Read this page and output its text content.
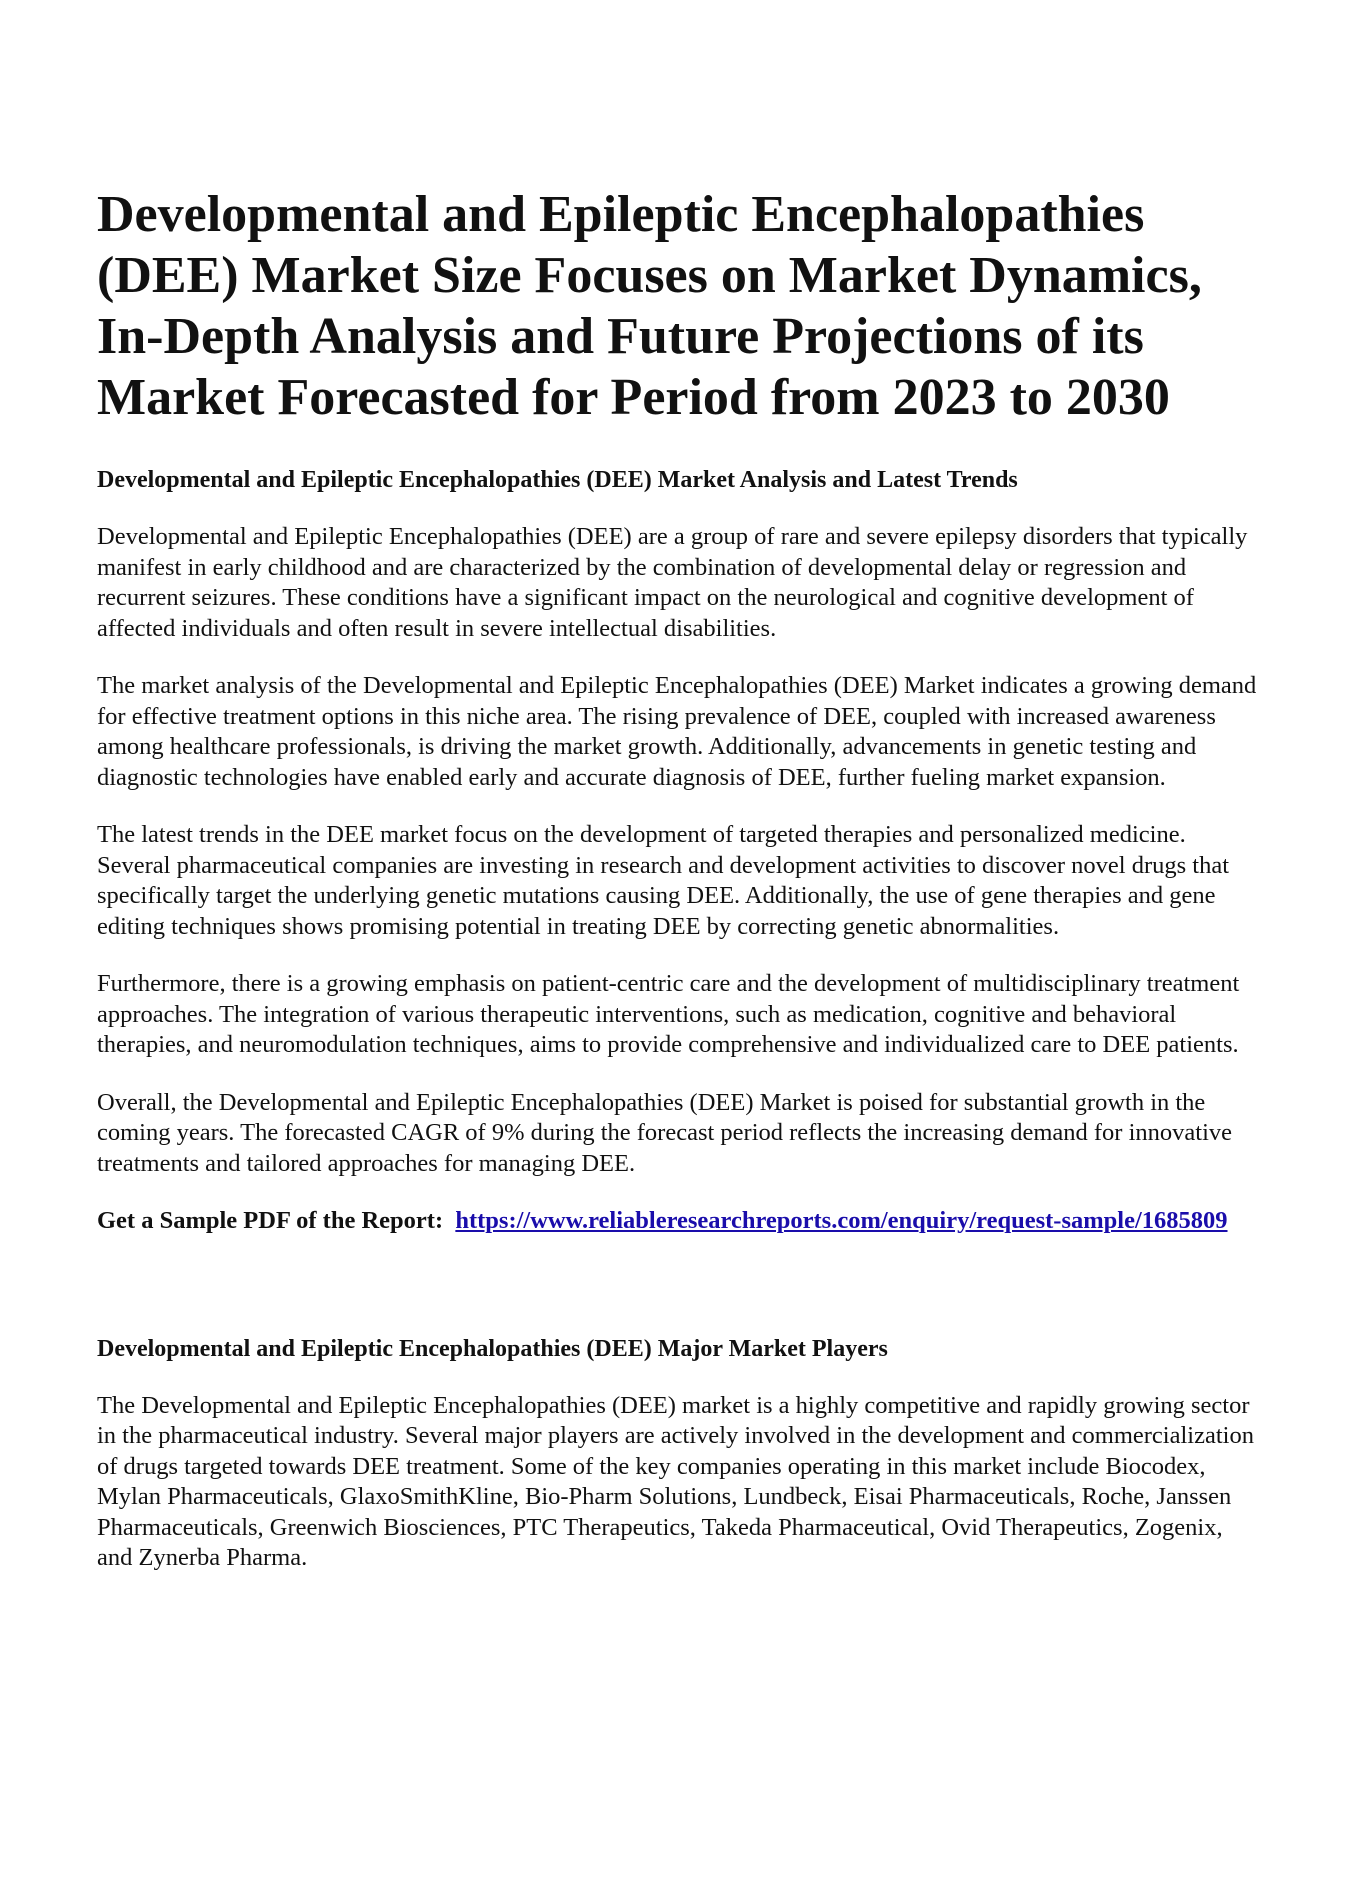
Developmental and Epileptic Encephalopathies (DEE) Market Size Focuses on Market Dynamics, In-Depth Analysis and Future Projections of its Market Forecasted for Period from 2023 to 2030
Developmental and Epileptic Encephalopathies (DEE) Market Analysis and Latest Trends

Developmental and Epileptic Encephalopathies (DEE) are a group of rare and severe epilepsy disorders that typically manifest in early childhood and are characterized by the combination of developmental delay or regression and recurrent seizures. These conditions have a significant impact on the neurological and cognitive development of affected individuals and often result in severe intellectual disabilities.

The market analysis of the Developmental and Epileptic Encephalopathies (DEE) Market indicates a growing demand for effective treatment options in this niche area. The rising prevalence of DEE, coupled with increased awareness among healthcare professionals, is driving the market growth. Additionally, advancements in genetic testing and diagnostic technologies have enabled early and accurate diagnosis of DEE, further fueling market expansion.

The latest trends in the DEE market focus on the development of targeted therapies and personalized medicine. Several pharmaceutical companies are investing in research and development activities to discover novel drugs that specifically target the underlying genetic mutations causing DEE. Additionally, the use of gene therapies and gene editing techniques shows promising potential in treating DEE by correcting genetic abnormalities.

Furthermore, there is a growing emphasis on patient-centric care and the development of multidisciplinary treatment approaches. The integration of various therapeutic interventions, such as medication, cognitive and behavioral therapies, and neuromodulation techniques, aims to provide comprehensive and individualized care to DEE patients.

Overall, the Developmental and Epileptic Encephalopathies (DEE) Market is poised for substantial growth in the coming years. The forecasted CAGR of 9% during the forecast period reflects the increasing demand for innovative treatments and tailored approaches for managing DEE.

Get a Sample PDF of the Report: https://www.reliableresearchreports.com/enquiry/request-sample/1685809

Developmental and Epileptic Encephalopathies (DEE) Major Market Players

The Developmental and Epileptic Encephalopathies (DEE) market is a highly competitive and rapidly growing sector in the pharmaceutical industry. Several major players are actively involved in the development and commercialization of drugs targeted towards DEE treatment. Some of the key companies operating in this market include Biocodex, Mylan Pharmaceuticals, GlaxoSmithKline, Bio-Pharm Solutions, Lundbeck, Eisai Pharmaceuticals, Roche, Janssen Pharmaceuticals, Greenwich Biosciences, PTC Therapeutics, Takeda Pharmaceutical, Ovid Therapeutics, Zogenix, and Zynerba Pharma.
